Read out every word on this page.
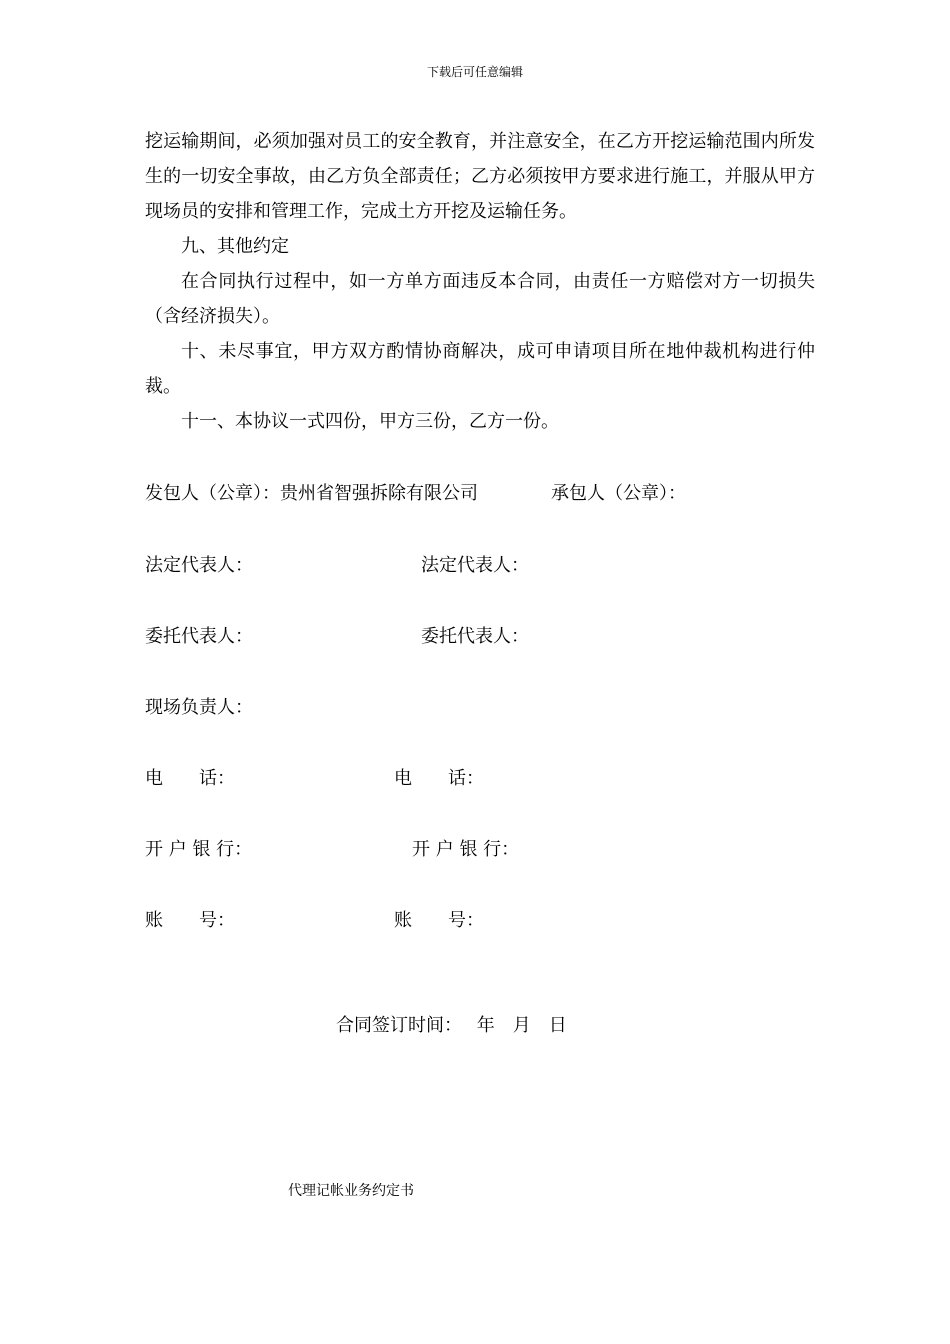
下载后可任意编辑

挖运输期间，必须加强对员工的安全教育，并注意安全，在乙方开挖运输范围内所发生的一切安全事故，由乙方负全部责任；乙方必须按甲方要求进行施工，并服从甲方现场员的安排和管理工作，完成土方开挖及运输任务。

九、其他约定

在合同执行过程中，如一方单方面违反本合同，由责任一方赔偿对方一切损失（含经济损失）。

十、未尽事宜，甲方双方酌情协商解决，成可申请项目所在地仲裁机构进行仲裁。

十一、本协议一式四份，甲方三份，乙方一份。

发包人（公章）：贵州省智强拆除有限公司	承包人（公章）：
法定代表人：	法定代表人：
委托代表人：	委托代表人：
现场负责人：
电　　话：	电　　话：
开 户 银 行：	开 户 银 行：
账　　号：	账　　号：
合同签订时间：　 年　月　日
代理记帐业务约定书
